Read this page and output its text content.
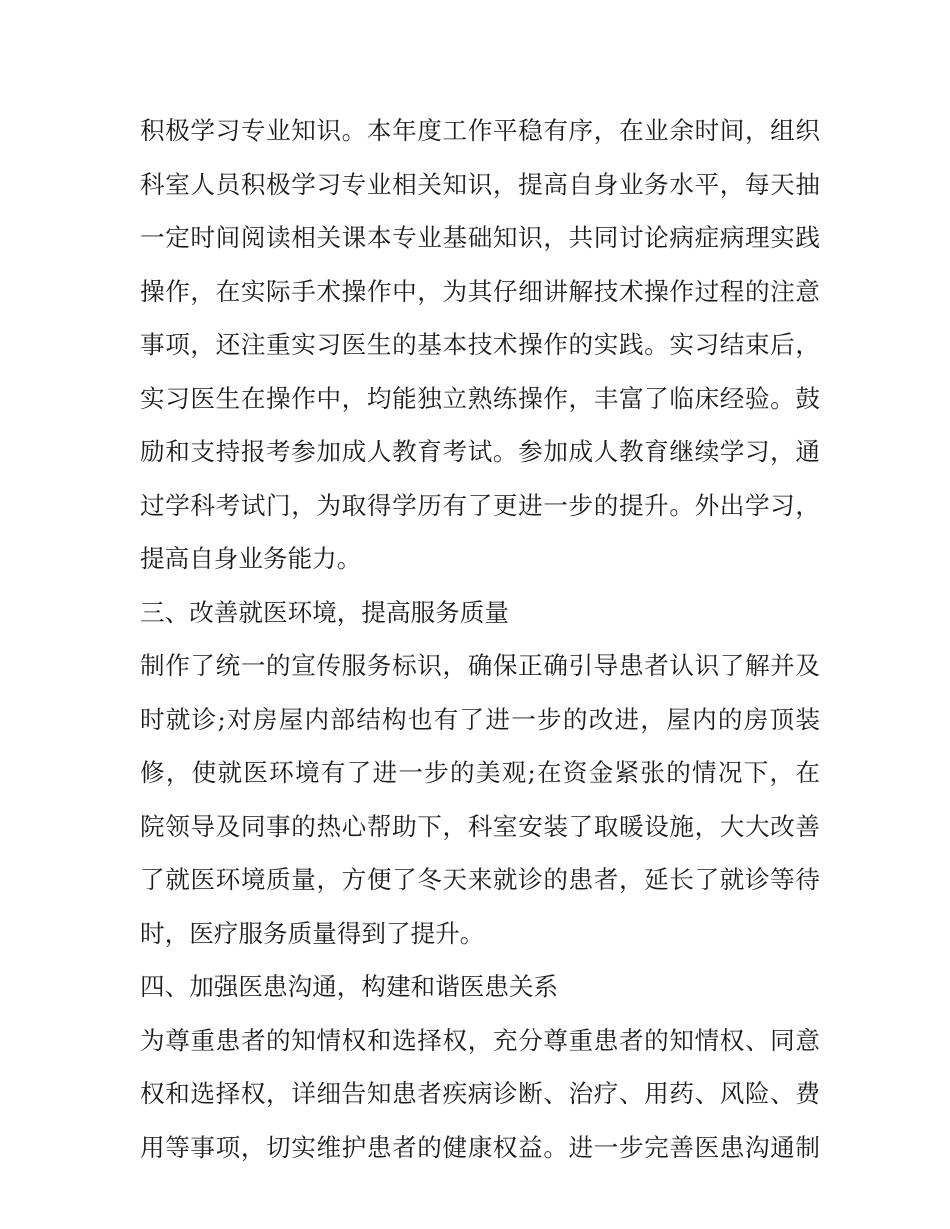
积极学习专业知识。本年度工作平稳有序，在业余时间，组织
科室人员积极学习专业相关知识，提高自身业务水平，每天抽
一定时间阅读相关课本专业基础知识，共同讨论病症病理实践
操作，在实际手术操作中，为其仔细讲解技术操作过程的注意
事项，还注重实习医生的基本技术操作的实践。实习结束后，
实习医生在操作中，均能独立熟练操作，丰富了临床经验。鼓
励和支持报考参加成人教育考试。参加成人教育继续学习，通
过学科考试门，为取得学历有了更进一步的提升。外出学习，
提高自身业务能力。
三、改善就医环境，提高服务质量
制作了统一的宣传服务标识，确保正确引导患者认识了解并及
时就诊;对房屋内部结构也有了进一步的改进，屋内的房顶装
修，使就医环境有了进一步的美观;在资金紧张的情况下，在
院领导及同事的热心帮助下，科室安装了取暖设施，大大改善
了就医环境质量，方便了冬天来就诊的患者，延长了就诊等待
时，医疗服务质量得到了提升。
四、加强医患沟通，构建和谐医患关系
为尊重患者的知情权和选择权，充分尊重患者的知情权、同意
权和选择权，详细告知患者疾病诊断、治疗、用药、风险、费
用等事项，切实维护患者的健康权益。进一步完善医患沟通制
